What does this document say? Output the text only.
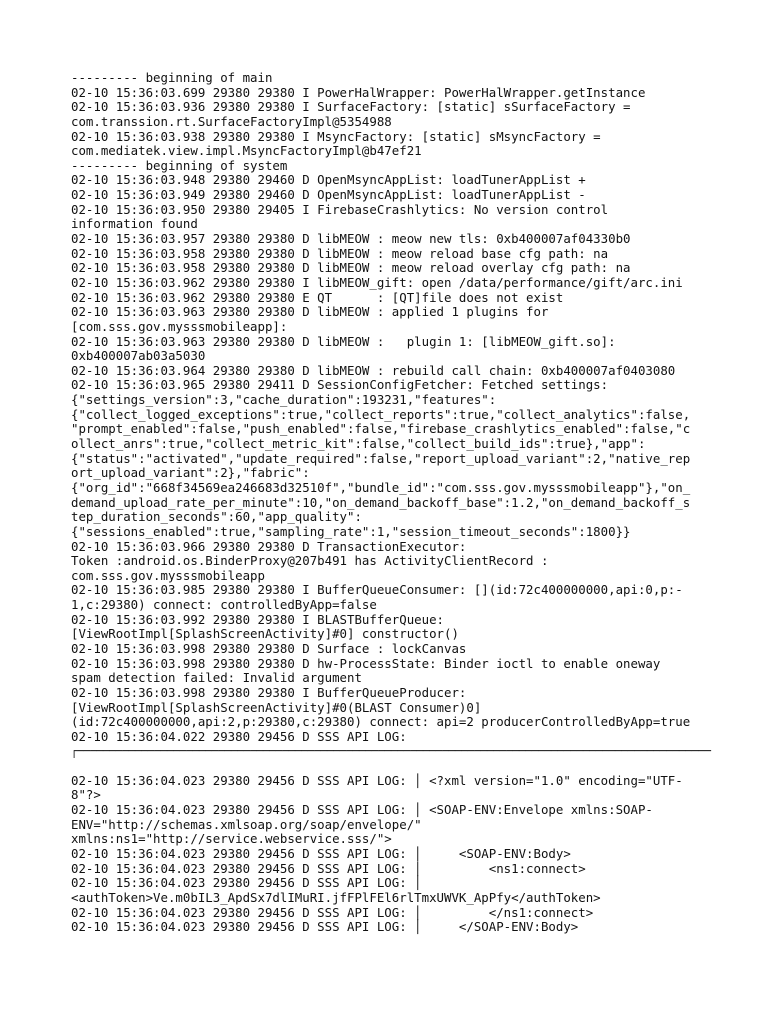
--------- beginning of main
02-10 15:36:03.699 29380 29380 I PowerHalWrapper: PowerHalWrapper.getInstance
02-10 15:36:03.936 29380 29380 I SurfaceFactory: [static] sSurfaceFactory =
com.transsion.rt.SurfaceFactoryImpl@5354988
02-10 15:36:03.938 29380 29380 I MsyncFactory: [static] sMsyncFactory =
com.mediatek.view.impl.MsyncFactoryImpl@b47ef21
--------- beginning of system
02-10 15:36:03.948 29380 29460 D OpenMsyncAppList: loadTunerAppList +
02-10 15:36:03.949 29380 29460 D OpenMsyncAppList: loadTunerAppList -
02-10 15:36:03.950 29380 29405 I FirebaseCrashlytics: No version control
information found
02-10 15:36:03.957 29380 29380 D libMEOW : meow new tls: 0xb400007af04330b0
02-10 15:36:03.958 29380 29380 D libMEOW : meow reload base cfg path: na
02-10 15:36:03.958 29380 29380 D libMEOW : meow reload overlay cfg path: na
02-10 15:36:03.962 29380 29380 I libMEOW_gift: open /data/performance/gift/arc.ini
02-10 15:36:03.962 29380 29380 E QT      : [QT]file does not exist
02-10 15:36:03.963 29380 29380 D libMEOW : applied 1 plugins for
[com.sss.gov.mysssmobileapp]:
02-10 15:36:03.963 29380 29380 D libMEOW :   plugin 1: [libMEOW_gift.so]:
0xb400007ab03a5030
02-10 15:36:03.964 29380 29380 D libMEOW : rebuild call chain: 0xb400007af0403080
02-10 15:36:03.965 29380 29411 D SessionConfigFetcher: Fetched settings:
{"settings_version":3,"cache_duration":193231,"features":
{"collect_logged_exceptions":true,"collect_reports":true,"collect_analytics":false,
"prompt_enabled":false,"push_enabled":false,"firebase_crashlytics_enabled":false,"c
ollect_anrs":true,"collect_metric_kit":false,"collect_build_ids":true},"app":
{"status":"activated","update_required":false,"report_upload_variant":2,"native_rep
ort_upload_variant":2},"fabric":
{"org_id":"668f34569ea246683d32510f","bundle_id":"com.sss.gov.mysssmobileapp"},"on_
demand_upload_rate_per_minute":10,"on_demand_backoff_base":1.2,"on_demand_backoff_s
tep_duration_seconds":60,"app_quality":
{"sessions_enabled":true,"sampling_rate":1,"session_timeout_seconds":1800}}
02-10 15:36:03.966 29380 29380 D TransactionExecutor:
Token :android.os.BinderProxy@207b491 has ActivityClientRecord :
com.sss.gov.mysssmobileapp
02-10 15:36:03.985 29380 29380 I BufferQueueConsumer: [](id:72c400000000,api:0,p:-
1,c:29380) connect: controlledByApp=false
02-10 15:36:03.992 29380 29380 I BLASTBufferQueue:
[ViewRootImpl[SplashScreenActivity]#0] constructor()
02-10 15:36:03.998 29380 29380 D Surface : lockCanvas
02-10 15:36:03.998 29380 29380 D hw-ProcessState: Binder ioctl to enable oneway
spam detection failed: Invalid argument
02-10 15:36:03.998 29380 29380 I BufferQueueProducer:
[ViewRootImpl[SplashScreenActivity]#0(BLAST Consumer)0]
(id:72c400000000,api:2,p:29380,c:29380) connect: api=2 producerControlledByApp=true
02-10 15:36:04.022 29380 29456 D SSS API LOG:
┌───────────────────────────────────────────────────────────────────────────────────────────────────
02-10 15:36:04.023 29380 29456 D SSS API LOG: │ <?xml version="1.0" encoding="UTF-
8"?>
02-10 15:36:04.023 29380 29456 D SSS API LOG: │ <SOAP-ENV:Envelope xmlns:SOAP-
ENV="http://schemas.xmlsoap.org/soap/envelope/"
xmlns:ns1="http://service.webservice.sss/">
02-10 15:36:04.023 29380 29456 D SSS API LOG: │     <SOAP-ENV:Body>
02-10 15:36:04.023 29380 29456 D SSS API LOG: │         <ns1:connect>
02-10 15:36:04.023 29380 29456 D SSS API LOG: │
<authToken>Ve.m0bIL3_ApdSx7dlIMuRI.jfFPlFEl6rlTmxUWVK_ApPfy</authToken>
02-10 15:36:04.023 29380 29456 D SSS API LOG: │         </ns1:connect>
02-10 15:36:04.023 29380 29456 D SSS API LOG: │     </SOAP-ENV:Body>
